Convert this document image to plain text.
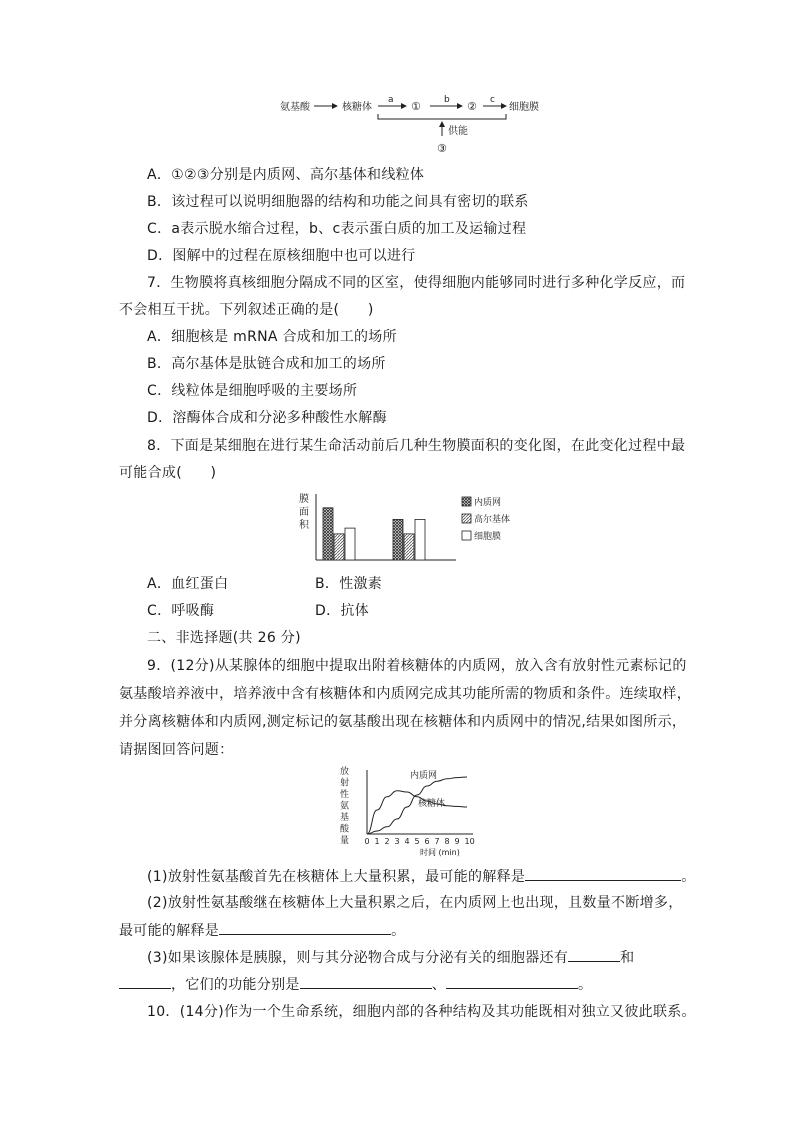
氨基酸	核糖体
a ①	b ② c
细胞膜
供能
③
A．①②③分别是内质网、高尔基体和线粒体
B．该过程可以说明细胞器的结构和功能之间具有密切的联系
C．a表示脱水缩合过程，b、c表示蛋白质的加工及运输过程
D．图解中的过程在原核细胞中也可以进行
7．生物膜将真核细胞分隔成不同的区室，使得细胞内能够同时进行多种化学反应，而
不会相互干扰。下列叙述正确的是(　　)
A．细胞核是 mRNA 合成和加工的场所
B．高尔基体是肽链合成和加工的场所
C．线粒体是细胞呼吸的主要场所
D．溶酶体合成和分泌多种酸性水解酶
8．下面是某细胞在进行某生命活动前后几种生物膜面积的变化图，在此变化过程中最
可能合成(　　)
膜
面
积
内质网
高尔基体
细胞膜
A．血红蛋白	B．性激素
C．呼吸酶	D．抗体
二、非选择题(共 26 分)
9．(12分)从某腺体的细胞中提取出附着核糖体的内质网，放入含有放射性元素标记的
氨基酸培养液中，培养液中含有核糖体和内质网完成其功能所需的物质和条件。连续取样，
并分离核糖体和内质网,测定标记的氨基酸出现在核糖体和内质网中的情况,结果如图所示，
请据图回答问题：
放
射
性
氨
基
酸
量 0 1 2 3 4 5 6 7 8 9 10
时间 (min)
内质网
核糖体
(1)放射性氨基酸首先在核糖体上大量积累，最可能的解释是	。
(2)放射性氨基酸继在核糖体上大量积累之后，在内质网上也出现，且数量不断增多，
最可能的解释是	。
(3)如果该腺体是胰腺，则与其分泌物合成与分泌有关的细胞器还有	和
，它们的功能分别是	、	。
10．(14分)作为一个生命系统，细胞内部的各种结构及其功能既相对独立又彼此联系。
